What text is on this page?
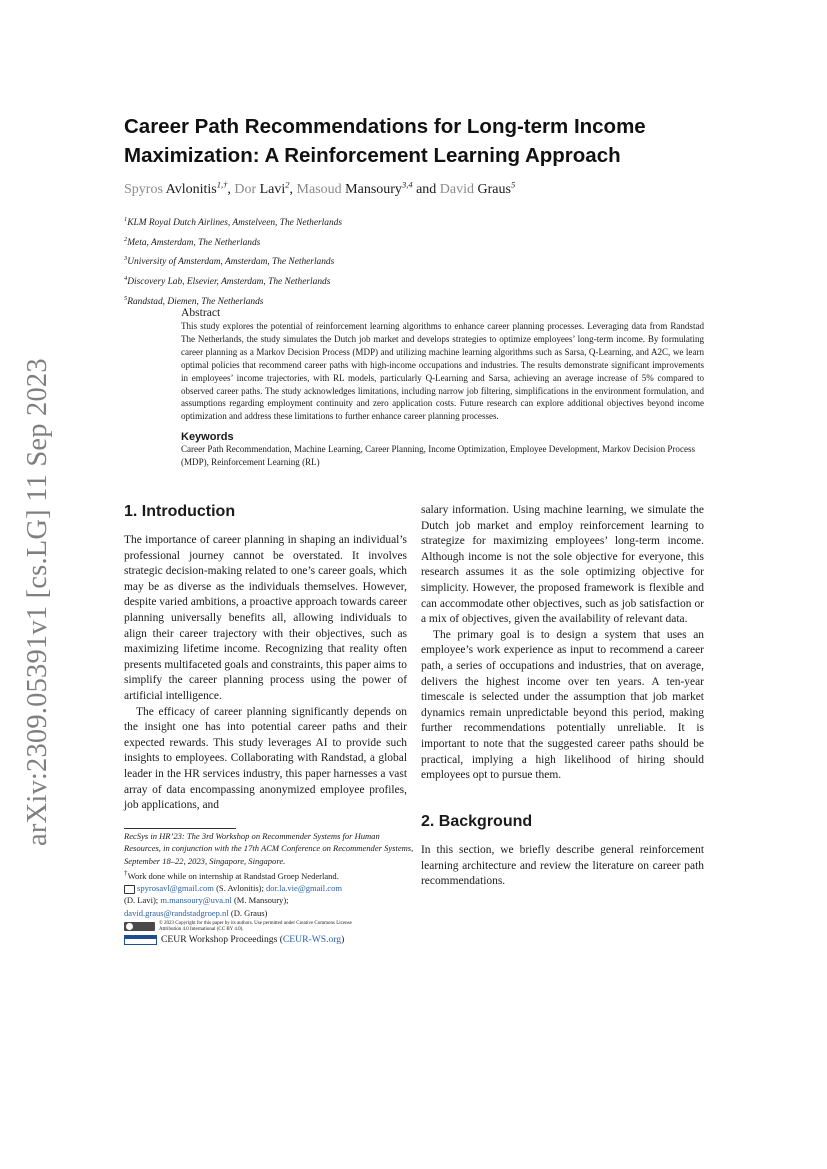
arXiv:2309.05391v1 [cs.LG] 11 Sep 2023
Career Path Recommendations for Long-term Income Maximization: A Reinforcement Learning Approach
Spyros Avlonitis$^{1,\dagger}$, Dor Lavi$^2$, Masoud Mansoury$^{3,4}$ and David Graus$^5$
$^1$KLM Royal Dutch Airlines, Amstelveen, The Netherlands
$^2$Meta, Amsterdam, The Netherlands
$^3$University of Amsterdam, Amsterdam, The Netherlands
$^4$Discovery Lab, Elsevier, Amsterdam, The Netherlands
$^5$Randstad, Diemen, The Netherlands
Abstract
This study explores the potential of reinforcement learning algorithms to enhance career planning processes. Leveraging data from Randstad The Netherlands, the study simulates the Dutch job market and develops strategies to optimize employees’ long-term income. By formulating career planning as a Markov Decision Process (MDP) and utilizing machine learning algorithms such as Sarsa, Q-Learning, and A2C, we learn optimal policies that recommend career paths with high-income occupations and industries. The results demonstrate significant improvements in employees’ income trajectories, with RL models, particularly Q-Learning and Sarsa, achieving an average increase of 5% compared to observed career paths. The study acknowledges limitations, including narrow job filtering, simplifications in the environment formulation, and assumptions regarding employment continuity and zero application costs. Future research can explore additional objectives beyond income optimization and address these limitations to further enhance career planning processes.
Keywords
Career Path Recommendation, Machine Learning, Career Planning, Income Optimization, Employee Development, Markov Decision Process (MDP), Reinforcement Learning (RL)
1. Introduction

The importance of career planning in shaping an individual’s professional journey cannot be overstated. It involves strategic decision-making related to one’s career goals, which may be as diverse as the individuals themselves. However, despite varied ambitions, a proactive approach towards career planning universally benefits all, allowing individuals to align their career trajectory with their objectives, such as maximizing lifetime income. Recognizing that reality often presents multifaceted goals and constraints, this paper aims to simplify the career planning process using the power of artificial intelligence.

The efficacy of career planning significantly depends on the insight one has into potential career paths and their expected rewards. This study leverages AI to provide such insights to employees. Collaborating with Randstad, a global leader in the HR services industry, this paper harnesses a vast array of data encompassing anonymized employee profiles, job applications, and

salary information. Using machine learning, we simulate the Dutch job market and employ reinforcement learning to strategize for maximizing employees’ long-term income. Although income is not the sole objective for everyone, this research assumes it as the sole optimizing objective for simplicity. However, the proposed framework is flexible and can accommodate other objectives, such as job satisfaction or a mix of objectives, given the availability of relevant data.

The primary goal is to design a system that uses an employee’s work experience as input to recommend a career path, a series of occupations and industries, that on average, delivers the highest income over ten years. A ten-year timescale is selected under the assumption that job market dynamics remain unpredictable beyond this period, making further recommendations potentially unreliable. It is important to note that the suggested career paths should be practical, implying a high likelihood of hiring should employees opt to pursue them.

2. Background

In this section, we briefly describe general reinforcement learning architecture and review the literature on career path recommendations.

RecSys in HR’23: The 3rd Workshop on Recommender Systems for Human Resources, in conjunction with the 17th ACM Conference on Recommender Systems, September 18–22, 2023, Singapore, Singapore.
†Work done while on internship at Randstad Groep Nederland.
spyrosavl@gmail.com (S. Avlonitis); dor.la.vie@gmail.com
(D. Lavi); m.mansoury@uva.nl (M. Mansoury);
david.graus@randstadgroep.nl (D. Graus)
© 2023 Copyright for this paper by its authors. Use permitted under Creative Commons License
Attribution 4.0 International (CC BY 4.0).
CEUR Workshop Proceedings (CEUR-WS.org)
